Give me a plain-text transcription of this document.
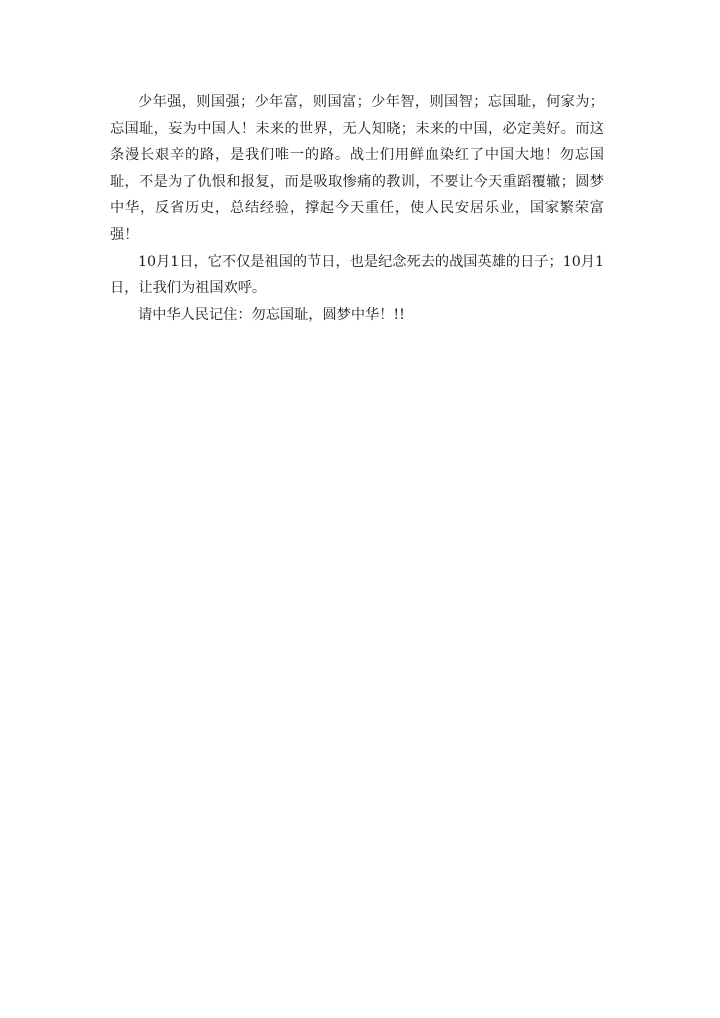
少年强，则国强；少年富，则国富；少年智，则国智；忘国耻，何家为；忘国耻，妄为中国人！未来的世界，无人知晓；未来的中国，必定美好。而这条漫长艰辛的路，是我们唯一的路。战士们用鲜血染红了中国大地！勿忘国耻，不是为了仇恨和报复，而是吸取惨痛的教训，不要让今天重蹈覆辙；圆梦中华，反省历史，总结经验，撑起今天重任，使人民安居乐业，国家繁荣富强！

10月1日，它不仅是祖国的节日，也是纪念死去的战国英雄的日子；10月1日，让我们为祖国欢呼。

请中华人民记住：勿忘国耻，圆梦中华！!!
